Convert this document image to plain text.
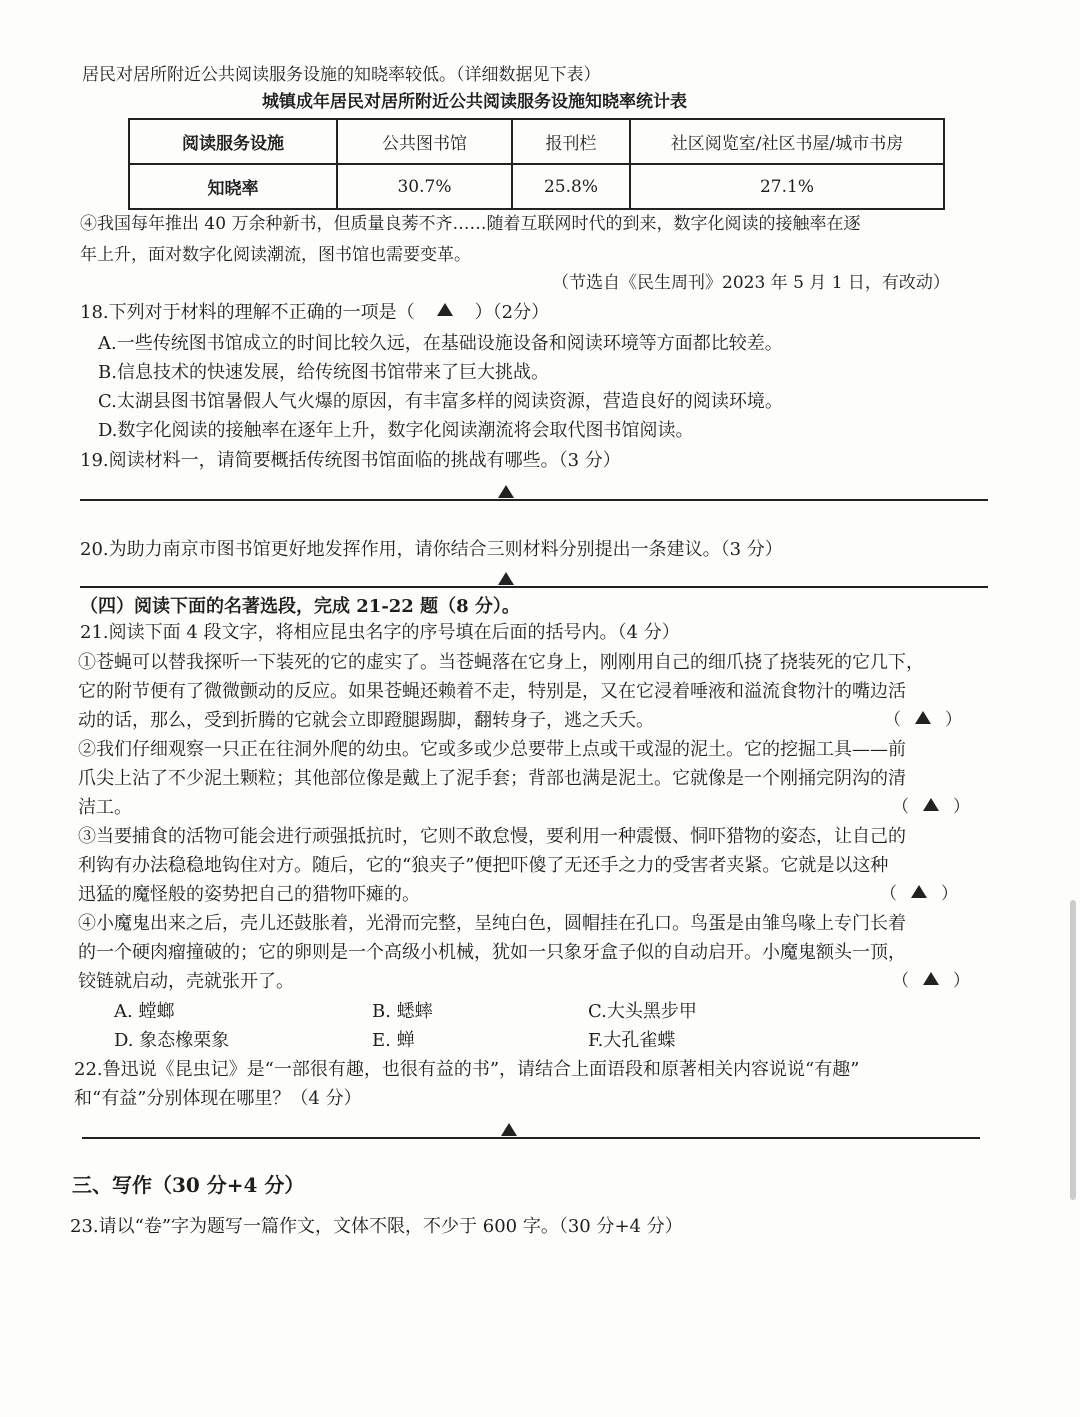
居民对居所附近公共阅读服务设施的知晓率较低。（详细数据见下表）
城镇成年居民对居所附近公共阅读服务设施知晓率统计表
阅读服务设施	公共图书馆	报刊栏	社区阅览室/社区书屋/城市书房
知晓率	30.7%	25.8%	27.1%
④我国每年推出 40 万余种新书，但质量良莠不齐……随着互联网时代的到来，数字化阅读的接触率在逐
年上升，面对数字化阅读潮流，图书馆也需要变革。
（节选自《民生周刊》2023 年 5 月 1 日，有改动）
18.下列对于材料的理解不正确的一项是（	）（2分）
A.一些传统图书馆成立的时间比较久远，在基础设施设备和阅读环境等方面都比较差。
B.信息技术的快速发展，给传统图书馆带来了巨大挑战。
C.太湖县图书馆暑假人气火爆的原因，有丰富多样的阅读资源，营造良好的阅读环境。
D.数字化阅读的接触率在逐年上升，数字化阅读潮流将会取代图书馆阅读。
19.阅读材料一，请简要概括传统图书馆面临的挑战有哪些。（3 分）
20.为助力南京市图书馆更好地发挥作用，请你结合三则材料分别提出一条建议。（3 分）
（四）阅读下面的名著选段，完成 21-22 题（8 分）。
21.阅读下面 4 段文字，将相应昆虫名字的序号填在后面的括号内。（4 分）
①苍蝇可以替我探听一下装死的它的虚实了。当苍蝇落在它身上，刚刚用自己的细爪挠了挠装死的它几下，
它的附节便有了微微颤动的反应。如果苍蝇还赖着不走，特别是，又在它浸着唾液和溢流食物汁的嘴边活
动的话，那么，受到折腾的它就会立即蹬腿踢脚，翻转身子，逃之夭夭。	（	）
②我们仔细观察一只正在往洞外爬的幼虫。它或多或少总要带上点或干或湿的泥土。它的挖掘工具——前
爪尖上沾了不少泥土颗粒；其他部位像是戴上了泥手套；背部也满是泥土。它就像是一个刚捅完阴沟的清
洁工。	（	）
③当要捕食的活物可能会进行顽强抵抗时，它则不敢怠慢，要利用一种震慑、恫吓猎物的姿态，让自己的
利钩有办法稳稳地钩住对方。随后，它的“狼夹子”便把吓傻了无还手之力的受害者夹紧。它就是以这种
迅猛的魔怪般的姿势把自己的猎物吓瘫的。	（	）
④小魔鬼出来之后，壳儿还鼓胀着，光滑而完整，呈纯白色，圆帽挂在孔口。鸟蛋是由雏鸟喙上专门长着
的一个硬肉瘤撞破的；它的卵则是一个高级小机械，犹如一只象牙盒子似的自动启开。小魔鬼额头一顶，
铰链就启动，壳就张开了。	（	）
A. 螳螂	B. 蟋蟀	C.大头黑步甲
D. 象态橡栗象	E. 蝉	F.大孔雀蝶
22.鲁迅说《昆虫记》是“一部很有趣，也很有益的书”，请结合上面语段和原著相关内容说说“有趣”
和“有益”分别体现在哪里？（4 分）
三、写作（30 分+4 分）
23.请以“卷”字为题写一篇作文，文体不限，不少于 600 字。（30 分+4 分）
